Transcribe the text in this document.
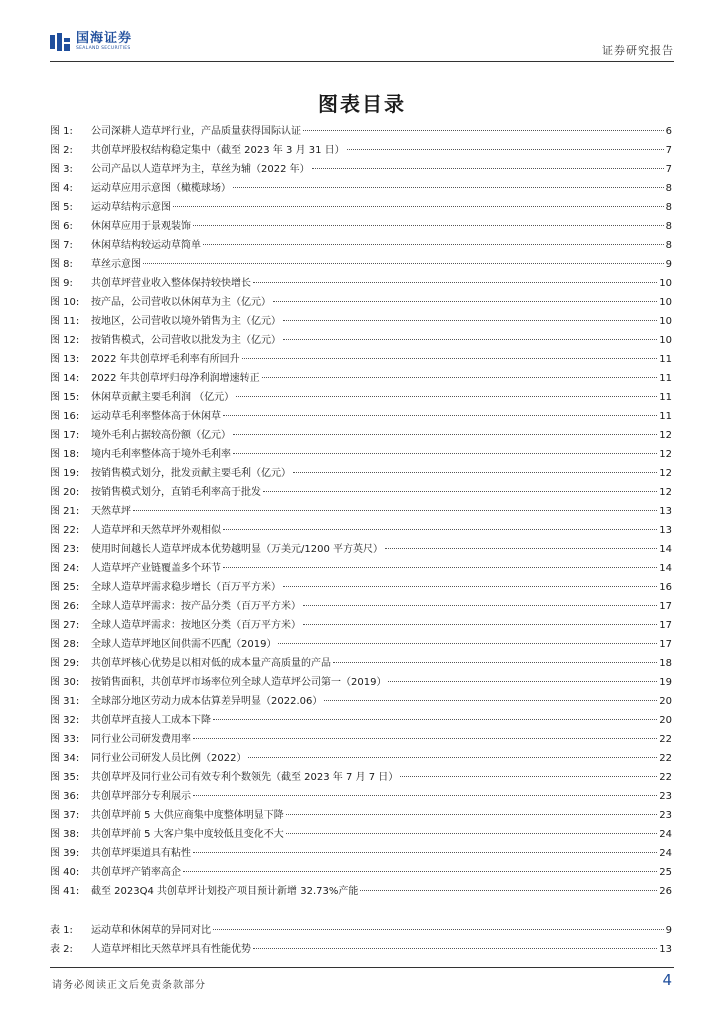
国海证券
SEALAND SECURITIES	证券研究报告
图表目录
图 1:	公司深耕人造草坪行业，产品质量获得国际认证	6
图 2:	共创草坪股权结构稳定集中（截至 2023 年 3 月 31 日）	7
图 3:	公司产品以人造草坪为主，草丝为辅（2022 年）	7
图 4:	运动草应用示意图（橄榄球场）	8
图 5:	运动草结构示意图	8
图 6:	休闲草应用于景观装饰	8
图 7:	休闲草结构较运动草简单	8
图 8:	草丝示意图	9
图 9:	共创草坪营业收入整体保持较快增长	10
图 10:	按产品，公司营收以休闲草为主（亿元）	10
图 11:	按地区，公司营收以境外销售为主（亿元）	10
图 12:	按销售模式，公司营收以批发为主（亿元）	10
图 13:	2022 年共创草坪毛利率有所回升	11
图 14:	2022 年共创草坪归母净利润增速转正	11
图 15:	休闲草贡献主要毛利润 （亿元）	11
图 16:	运动草毛利率整体高于休闲草	11
图 17:	境外毛利占据较高份额（亿元）	12
图 18:	境内毛利率整体高于境外毛利率	12
图 19:	按销售模式划分，批发贡献主要毛利（亿元）	12
图 20:	按销售模式划分，直销毛利率高于批发	12
图 21:	天然草坪	13
图 22:	人造草坪和天然草坪外观相似	13
图 23:	使用时间越长人造草坪成本优势越明显（万美元/1200 平方英尺）	14
图 24:	人造草坪产业链覆盖多个环节	14
图 25:	全球人造草坪需求稳步增长（百万平方米）	16
图 26:	全球人造草坪需求：按产品分类（百万平方米）	17
图 27:	全球人造草坪需求：按地区分类（百万平方米）	17
图 28:	全球人造草坪地区间供需不匹配（2019）	17
图 29:	共创草坪核心优势是以相对低的成本量产高质量的产品	18
图 30:	按销售面积，共创草坪市场率位列全球人造草坪公司第一（2019）	19
图 31:	全球部分地区劳动力成本估算差异明显（2022.06）	20
图 32:	共创草坪直接人工成本下降	20
图 33:	同行业公司研发费用率	22
图 34:	同行业公司研发人员比例（2022）	22
图 35:	共创草坪及同行业公司有效专利个数领先（截至 2023 年 7 月 7 日）	22
图 36:	共创草坪部分专利展示	23
图 37:	共创草坪前 5 大供应商集中度整体明显下降	23
图 38:	共创草坪前 5 大客户集中度较低且变化不大	24
图 39:	共创草坪渠道具有粘性	24
图 40:	共创草坪产销率高企	25
图 41:	截至 2023Q4 共创草坪计划投产项目预计新增 32.73%产能	26
表 1:	运动草和休闲草的异同对比	9
表 2:	人造草坪相比天然草坪具有性能优势	13
请务必阅读正文后免责条款部分	4
